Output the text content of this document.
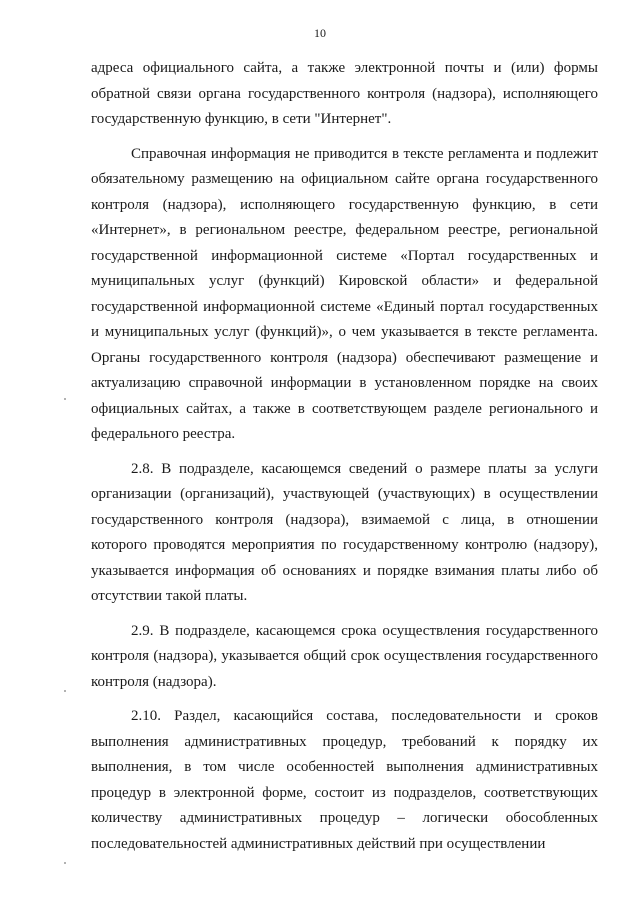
10

адреса официального сайта, а также электронной почты и (или) формы обратной связи органа государственного контроля (надзора), исполняющего государственную функцию, в сети "Интернет".

Справочная информация не приводится в тексте регламента и подлежит обязательному размещению на официальном сайте органа государственного контроля (надзора), исполняющего государственную функцию, в сети «Интернет», в региональном реестре, федеральном реестре, региональной государственной информационной системе «Портал государственных и муниципальных услуг (функций) Кировской области» и федеральной государственной информационной системе «Единый портал государственных и муниципальных услуг (функций)», о чем указывается в тексте регламента. Органы государственного контроля (надзора) обеспечивают размещение и актуализацию справочной информации в установленном порядке на своих официальных сайтах, а также в соответствующем разделе регионального и федерального реестра.

2.8. В подразделе, касающемся сведений о размере платы за услуги организации (организаций), участвующей (участвующих) в осуществлении государственного контроля (надзора), взимаемой с лица, в отношении которого проводятся мероприятия по государственному контролю (надзору), указывается информация об основаниях и порядке взимания платы либо об отсутствии такой платы.

2.9. В подразделе, касающемся срока осуществления государственного контроля (надзора), указывается общий срок осуществления государственного контроля (надзора).

2.10. Раздел, касающийся состава, последовательности и сроков выполнения административных процедур, требований к порядку их выполнения, в том числе особенностей выполнения административных процедур в электронной форме, состоит из подразделов, соответствующих количеству административных процедур – логически обособленных последовательностей административных действий при осуществлении
